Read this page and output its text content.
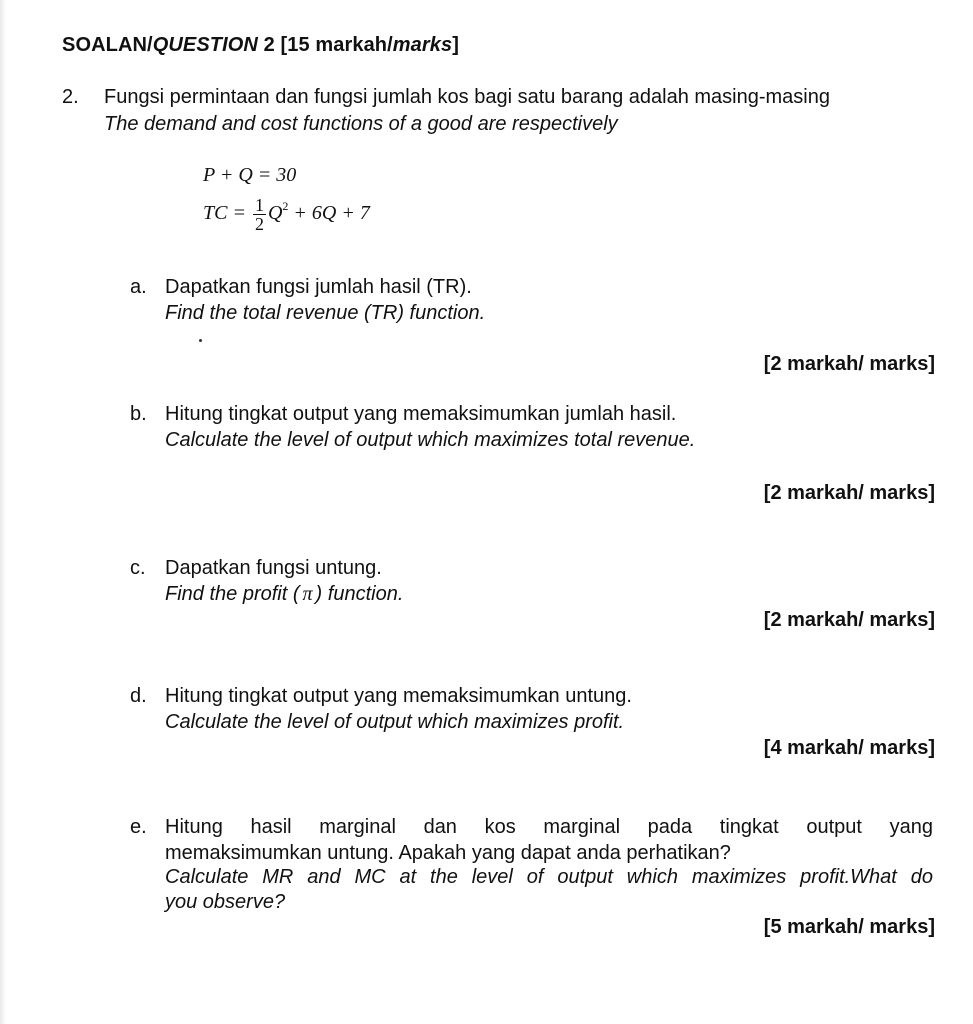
SOALAN/QUESTION 2 [15 markah/marks]
2. Fungsi permintaan dan fungsi jumlah kos bagi satu barang adalah masing-masing
The demand and cost functions of a good are respectively
P + Q = 30
TC = $\frac{1}{2} Q^2 + 6Q + 7$
a. Dapatkan fungsi jumlah hasil (TR).
Find the total revenue (TR) function.
[2 markah/ marks]
b. Hitung tingkat output yang memaksimumkan jumlah hasil.
Calculate the level of output which maximizes total revenue.
[2 markah/ marks]
c. Dapatkan fungsi untung.
Find the profit ( π ) function.
[2 markah/ marks]
d. Hitung tingkat output yang memaksimumkan untung.
Calculate the level of output which maximizes profit.
[4 markah/ marks]
e. Hitung hasil marginal dan kos marginal pada tingkat output yang
memaksimumkan untung. Apakah yang dapat anda perhatikan?
Calculate MR and MC at the level of output which maximizes profit.What do
you observe?
[5 markah/ marks]
